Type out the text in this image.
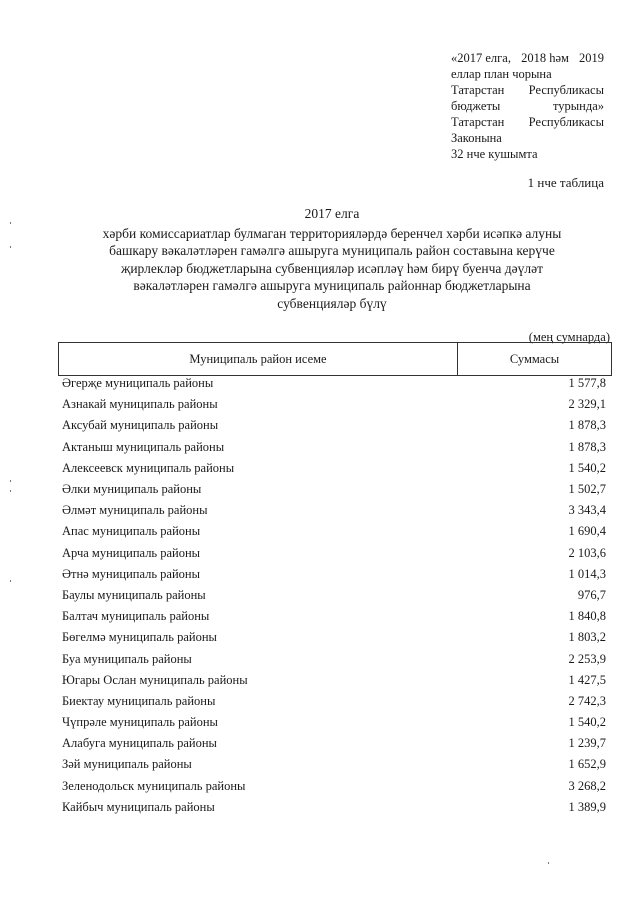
«2017 елга, 2018 һәм 2019
еллар план чорына
Татарстан Республикасы
бюджеты	турында»
Татарстан Республикасы
Законына
32 нче кушымта
1 нче таблица
2017 елга
хәрби комиссариатлар булмаган территорияләрдә беренчел хәрби исәпкә алуны
башкару вәкаләтләрен гамәлгә ашыруга муниципаль район составына керүче
җирлекләр бюджетларына субвенцияләр исәпләү һәм бирү буенча дәүләт
вәкаләтләрен гамәлгә ашыруга муниципаль районнар бюджетларына
субвенцияләр бүлү
(мең сумнарда)
Муниципаль район исеме	Суммасы
Әгерҗе муниципаль районы	1 577,8
Азнакай муниципаль районы	2 329,1
Аксубай муниципаль районы	1 878,3
Актаныш муниципаль районы	1 878,3
Алексеевск муниципаль районы	1 540,2
Әлки муниципаль районы	1 502,7
Әлмәт муниципаль районы	3 343,4
Апас муниципаль районы	1 690,4
Арча муниципаль районы	2 103,6
Әтнә муниципаль районы	1 014,3
Баулы муниципаль районы	976,7
Балтач муниципаль районы	1 840,8
Бөгелмә муниципаль районы	1 803,2
Буа муниципаль районы	2 253,9
Югары Ослан муниципаль районы	1 427,5
Биектау муниципаль районы	2 742,3
Чүпрәле муниципаль районы	1 540,2
Алабуга муниципаль районы	1 239,7
Зәй муниципаль районы	1 652,9
Зеленодольск муниципаль районы	3 268,2
Кайбыч муниципаль районы	1 389,9
